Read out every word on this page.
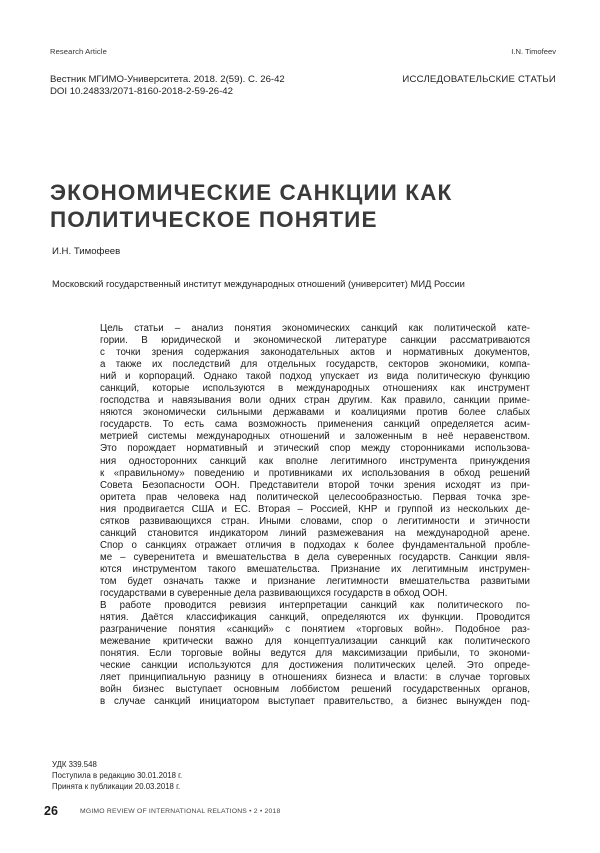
Research Article	I.N. Timofeev
Вестник МГИМО-Университета. 2018. 2(59). С. 26-42
DOI 10.24833/2071-8160-2018-2-59-26-42
ИССЛЕДОВАТЕЛЬСКИЕ СТАТЬИ
ЭКОНОМИЧЕСКИЕ САНКЦИИ КАК
ПОЛИТИЧЕСКОЕ ПОНЯТИЕ
И.Н. Тимофеев
Московский государственный институт международных отношений (университет) МИД России
Цель статьи – анализ понятия экономических санкций как политической кате-
гории. В юридической и экономической литературе санкции рассматриваются
с точки зрения содержания законодательных актов и нормативных документов,
а также их последствий для отдельных государств, секторов экономики, компа-
ний и корпораций. Однако такой подход упускает из вида политическую функцию
санкций, которые используются в международных отношениях как инструмент
господства и навязывания воли одних стран другим. Как правило, санкции приме-
няются экономически сильными державами и коалициями против более слабых
государств. То есть сама возможность применения санкций определяется асим-
метрией системы международных отношений и заложенным в неё неравенством.
Это порождает нормативный и этический спор между сторонниками использова-
ния односторонних санкций как вполне легитимного инструмента принуждения
к «правильному» поведению и противниками их использования в обход решений
Совета Безопасности ООН. Представители второй точки зрения исходят из при-
оритета прав человека над политической целесообразностью. Первая точка зре-
ния продвигается США и ЕС. Вторая – Россией, КНР и группой из нескольких де-
сятков развивающихся стран. Иными словами, спор о легитимности и этичности
санкций становится индикатором линий размежевания на международной арене.
Спор о санкциях отражает отличия в подходах к более фундаментальной пробле-
ме – суверенитета и вмешательства в дела суверенных государств. Санкции явля-
ются инструментом такого вмешательства. Признание их легитимным инструмен-
том будет означать также и признание легитимности вмешательства развитыми
государствами в суверенные дела развивающихся государств в обход ООН.
В работе проводится ревизия интерпретации санкций как политического по-
нятия. Даётся классификация санкций, определяются их функции. Проводится
разграничение понятия «санкций» с понятием «торговых войн». Подобное раз-
межевание критически важно для концептуализации санкций как политического
понятия. Если торговые войны ведутся для максимизации прибыли, то экономи-
ческие санкции используются для достижения политических целей. Это опреде-
ляет принципиальную разницу в отношениях бизнеса и власти: в случае торговых
войн бизнес выступает основным лоббистом решений государственных органов,
в случае санкций инициатором выступает правительство, а бизнес вынужден под-
УДК 339.548
Поступила в редакцию 30.01.2018 г.
Принята к публикации 20.03.2018 г.
26	MGIMO REVIEW OF INTERNATIONAL RELATIONS • 2 • 2018
